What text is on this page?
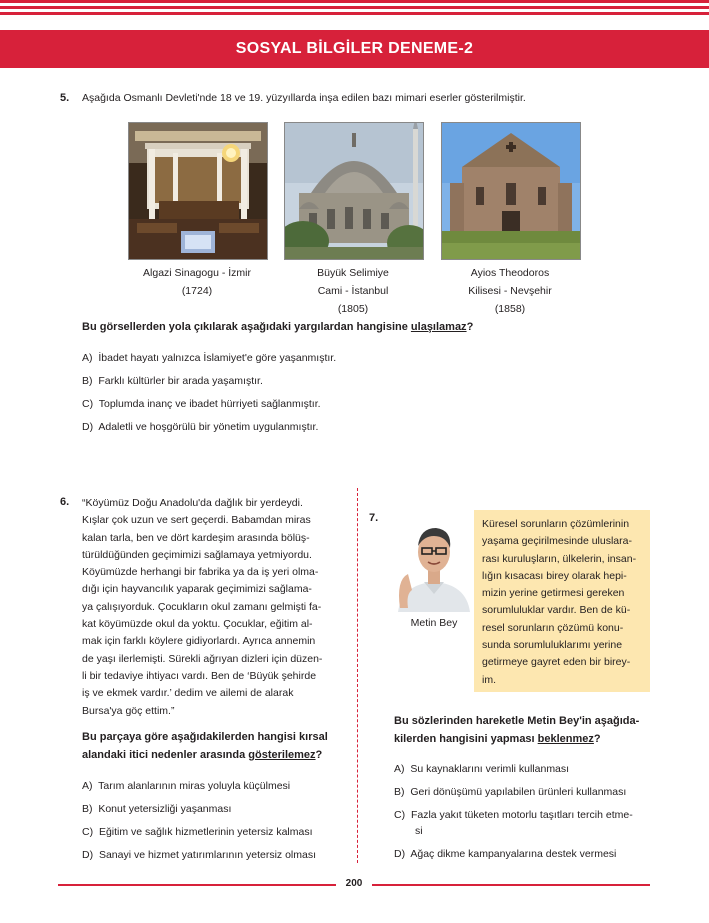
SOSYAL BİLGİLER DENEME-2
5. Aşağıda Osmanlı Devleti'nde 18 ve 19. yüzyıllarda inşa edilen bazı mimari eserler gösterilmiştir.
Algazi Sinagogu - İzmir
(1724)
Büyük Selimiye
Cami - İstanbul
(1805)
Ayios Theodoros
Kilisesi - Nevşehir
(1858)
Bu görsellerden yola çıkılarak aşağıdaki yargılardan hangisine ulaşılamaz?
A) İbadet hayatı yalnızca İslamiyet'e göre yaşanmıştır.
B) Farklı kültürler bir arada yaşamıştır.
C) Toplumda inanç ve ibadet hürriyeti sağlanmıştır.
D) Adaletli ve hoşgörülü bir yönetim uygulanmıştır.
6. “Köyümüz Doğu Anadolu'da dağlık bir yerdeydi.
Kışlar çok uzun ve sert geçerdi. Babamdan miras
kalan tarla, ben ve dört kardeşim arasında bölüş-
türüldüğünden geçimimizi sağlamaya yetmiyordu.
Köyümüzde herhangi bir fabrika ya da iş yeri olma-
dığı için hayvancılık yaparak geçimimizi sağlama-
ya çalışıyorduk. Çocukların okul zamanı gelmişti fa-
kat köyümüzde okul da yoktu. Çocuklar, eğitim al-
mak için farklı köylere gidiyorlardı. Ayrıca annemin
de yaşı ilerlemişti. Sürekli ağrıyan dizleri için düzen-
li bir tedaviye ihtiyacı vardı. Ben de ‘Büyük şehirde
iş ve ekmek vardır.’ dedim ve ailemi de alarak
Bursa'ya göç ettim.”
Bu parçaya göre aşağıdakilerden hangisi kırsal
alandaki itici nedenler arasında gösterilemez?
A) Tarım alanlarının miras yoluyla küçülmesi
B) Konut yetersizliği yaşanması
C) Eğitim ve sağlık hizmetlerinin yetersiz kalması
D) Sanayi ve hizmet yatırımlarının yetersiz olması
7.
Metin Bey
Küresel sorunların çözümlerinin
yaşama geçirilmesinde uluslara-
rası kuruluşların, ülkelerin, insan-
lığın kısacası birey olarak hepi-
mizin yerine getirmesi gereken
sorumluluklar vardır. Ben de kü-
resel sorunların çözümü konu-
sunda sorumluluklarımı yerine
getirmeye gayret eden bir birey-
im.
Bu sözlerinden hareketle Metin Bey'in aşağıda-
kilerden hangisini yapması beklenmez?
A) Su kaynaklarını verimli kullanması
B) Geri dönüşümü yapılabilen ürünleri kullanması
C) Fazla yakıt tüketen motorlu taşıtları tercih etme-
si
D) Ağaç dikme kampanyalarına destek vermesi
200
